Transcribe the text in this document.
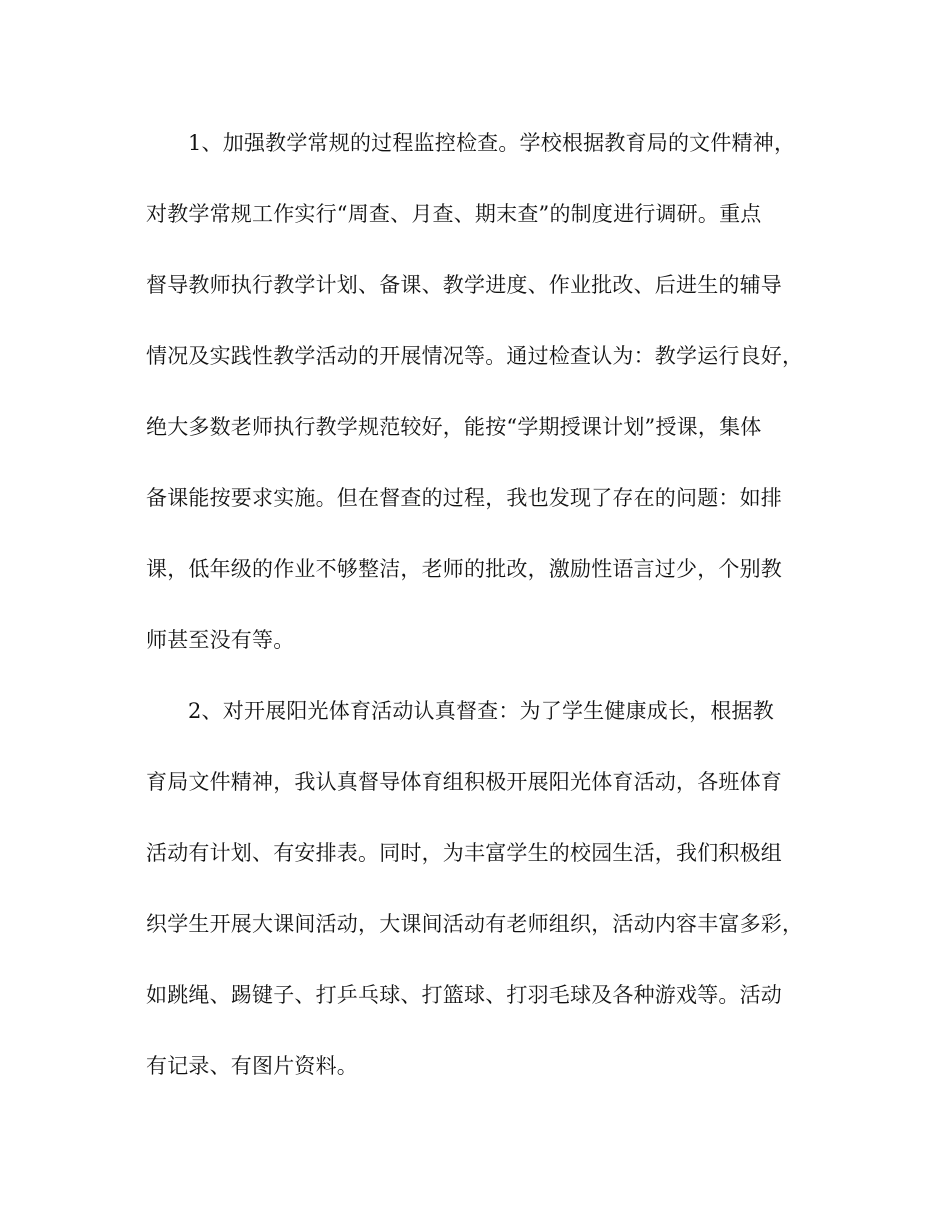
1、加强教学常规的过程监控检查。学校根据教育局的文件精神，
对教学常规工作实行“周查、月查、期末查”的制度进行调研。重点
督导教师执行教学计划、备课、教学进度、作业批改、后进生的辅导
情况及实践性教学活动的开展情况等。通过检查认为：教学运行良好，
绝大多数老师执行教学规范较好，能按“学期授课计划”授课，集体
备课能按要求实施。但在督查的过程，我也发现了存在的问题：如排
课，低年级的作业不够整洁，老师的批改，激励性语言过少，个别教
师甚至没有等。
2、对开展阳光体育活动认真督查：为了学生健康成长，根据教
育局文件精神，我认真督导体育组积极开展阳光体育活动，各班体育
活动有计划、有安排表。同时，为丰富学生的校园生活，我们积极组
织学生开展大课间活动，大课间活动有老师组织，活动内容丰富多彩，
如跳绳、踢键子、打乒乓球、打篮球、打羽毛球及各种游戏等。活动
有记录、有图片资料。
